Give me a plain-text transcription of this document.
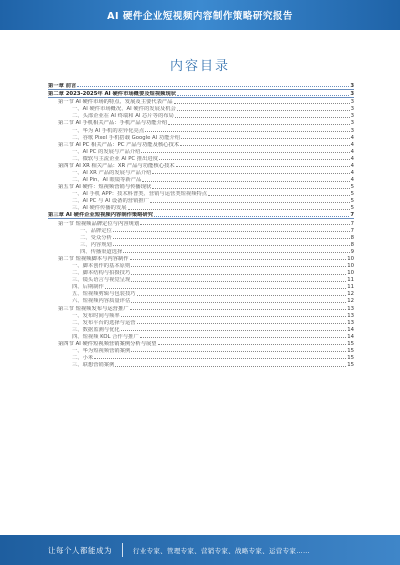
AI 硬件企业短视频内容制作策略研究报告
内容目录
第一章 前言	3
第二章 2023-2025年 AI 硬件市场概要及短视频现状	3
第一节 AI 硬件市场的特点、发展及主要代表产品	3
一、AI 硬件市场概况、AI 硬件的发展及机会	3
二、头部企业在 AI 终端和 AI 芯片等的布局	3
第二节 AI 手机相关产品：手机产品与功能介绍	3
一、华为 AI 手机的差异化亮点	3
二、谷歌 Pixel 手机搭载 Google AI 功能介绍	4
第三节 AI PC 相关产品：PC 产品与功能及核心技术	4
一、AI PC 的发展与产品介绍	4
二、微软与主流企业 AI PC 推出进度	4
第四节 AI XR 相关产品：XR 产品与功能核心技术	4
一、AI XR 产品的发展与产品介绍	4
二、AI Pin、AI 眼镜等新产品	4
第五节 AI 硬件：短视频营销与传播现状	5
一、AI 手机 APP：技术科普类、营销与运营类短视频特点	5
二、AI PC 与 AI 设备的营销推广	5
三、AI 硬件传播的发展	5
第三章 AI 硬件企业短视频内容制作策略研究	7
第一节 短视频品牌定位与内容规划	7
一、品牌定位	7
二、受众分析	8
三、内容规划	8
四、传播渠道选择	9
第二节 短视频脚本与内容制作	10
一、脚本创作的基本原则	10
二、脚本结构与拍摄技巧	10
三、镜头语言与视觉呈现	11
四、后期制作	11
五、短视频剪辑与包装技巧	12
六、短视频内容质量评估	12
第三节 短视频发布与运营推广	13
一、发布时间与频率	13
二、发布平台的选择与运营	13
三、数据监测与优化	14
四、短视频 KOL 合作与推广	14
第四节 AI 硬件短视频营销案例分析与展望	15
一、华为短视频营销案例	15
二、小米	15
三、联想营销案例	15
让每个人都能成为	行业专家、管理专家、营销专家、战略专家、运营专家……
